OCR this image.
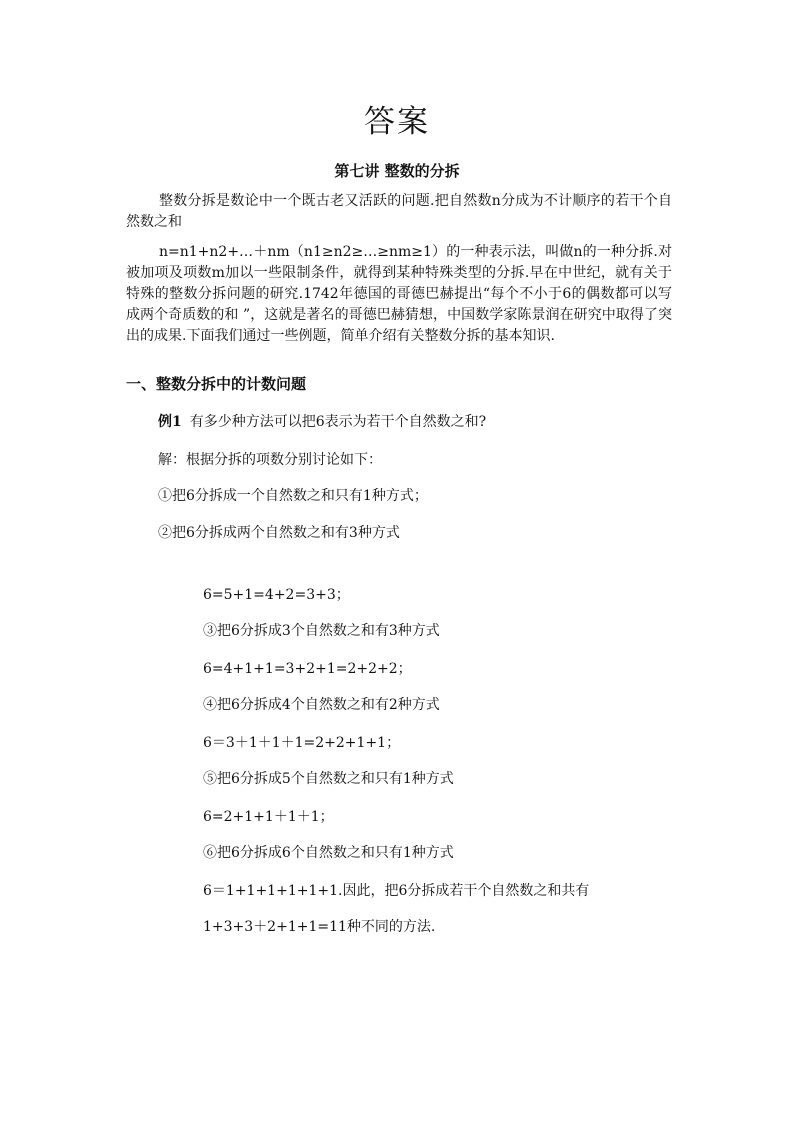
答案
第七讲 整数的分拆
整数分拆是数论中一个既古老又活跃的问题.把自然数n分成为不计顺序的若干个自然数之和
n=n1+n2+…＋nm（n1≥n2≥…≥nm≥1）的一种表示法，叫做n的一种分拆.对被加项及项数m加以一些限制条件，就得到某种特殊类型的分拆.早在中世纪，就有关于特殊的整数分拆问题的研究.1742年德国的哥德巴赫提出“每个不小于6的偶数都可以写成两个奇质数的和 ”，这就是著名的哥德巴赫猜想，中国数学家陈景润在研究中取得了突出的成果.下面我们通过一些例题，简单介绍有关整数分拆的基本知识.
一、整数分拆中的计数问题
例1 有多少种方法可以把6表示为若干个自然数之和?
解：根据分拆的项数分别讨论如下：
①把6分拆成一个自然数之和只有1种方式；
②把6分拆成两个自然数之和有3种方式
6=5+1=4+2=3+3；
③把6分拆成3个自然数之和有3种方式
6=4+1+1=3+2+1=2+2+2；
④把6分拆成4个自然数之和有2种方式
6＝3＋1＋1＋1=2+2+1+1；
⑤把6分拆成5个自然数之和只有1种方式
6=2+1+1＋1＋1；
⑥把6分拆成6个自然数之和只有1种方式
6＝1+1+1+1+1+1.因此，把6分拆成若干个自然数之和共有
1+3+3＋2+1+1=11种不同的方法.
